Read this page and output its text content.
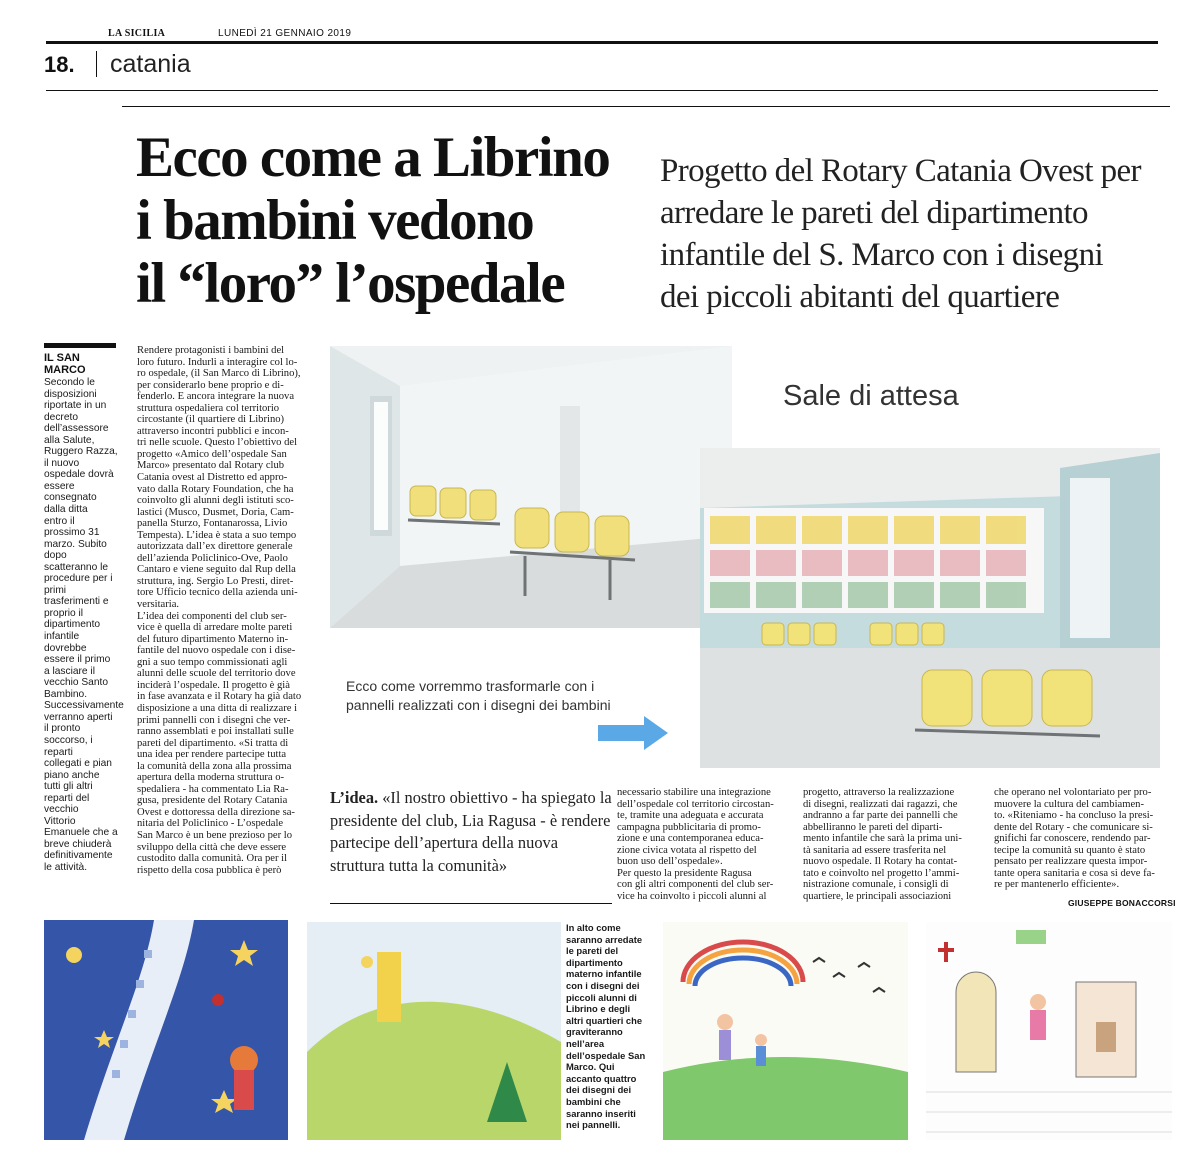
LA SICILIA	LUNEDÌ 21 GENNAIO 2019
18. catania
Ecco come a Librino
i bambini vedono
il “loro” l’ospedale
Progetto del Rotary Catania Ovest per
arredare le pareti del dipartimento
infantile del S. Marco con i disegni
dei piccoli abitanti del quartiere
IL SAN
MARCO
Secondo le
disposizioni
riportate in un
decreto
dell’assessore
alla Salute,
Ruggero Razza,
il nuovo
ospedale dovrà
essere
consegnato
dalla ditta
entro il
prossimo 31
marzo. Subito
dopo
scatteranno le
procedure per i
primi
trasferimenti e
proprio il
dipartimento
infantile
dovrebbe
essere il primo
a lasciare il
vecchio Santo
Bambino.
Successivamente
verranno aperti
il pronto
soccorso, i
reparti
collegati e pian
piano anche
tutti gli altri
reparti del
vecchio
Vittorio
Emanuele che a
breve chiuderà
definitivamente
le attività.
Rendere protagonisti i bambini del
loro futuro. Indurli a interagire col lo-
ro ospedale, (il San Marco di Librino),
per considerarlo bene proprio e di-
fenderlo. E ancora integrare la nuova
struttura ospedaliera col territorio
circostante (il quartiere di Librino)
attraverso incontri pubblici e incon-
tri nelle scuole. Questo l’obiettivo del
progetto «Amico dell’ospedale San
Marco» presentato dal Rotary club
Catania ovest al Distretto ed appro-
vato dalla Rotary Foundation, che ha
coinvolto gli alunni degli istituti sco-
lastici (Musco, Dusmet, Doria, Cam-
panella Sturzo, Fontanarossa, Livio
Tempesta). L’idea è stata a suo tempo
autorizzata dall’ex direttore generale
dell’azienda Policlinico-Ove, Paolo
Cantaro e viene seguito dal Rup della
struttura, ing. Sergio Lo Presti, diret-
tore Ufficio tecnico della azienda uni-
versitaria.
L’idea dei componenti del club ser-
vice è quella di arredare molte pareti
del futuro dipartimento Materno in-
fantile del nuovo ospedale con i dise-
gni a suo tempo commissionati agli
alunni delle scuole del territorio dove
inciderà l’ospedale. Il progetto è già
in fase avanzata e il Rotary ha già dato
disposizione a una ditta di realizzare i
primi pannelli con i disegni che ver-
ranno assemblati e poi installati sulle
pareti del dipartimento. «Si tratta di
una idea per rendere partecipe tutta
la comunità della zona alla prossima
apertura della moderna struttura o-
spedaliera - ha commentato Lia Ra-
gusa, presidente del Rotary Catania
Ovest e dottoressa della direzione sa-
nitaria del Policlinico - L’ospedale
San Marco è un bene prezioso per lo
sviluppo della città che deve essere
custodito dalla comunità. Ora per il
rispetto della cosa pubblica è però
Sale di attesa
Ecco come vorremmo trasformarle con i
pannelli realizzati con i disegni dei bambini
L’idea. «Il nostro obiettivo - ha spiegato la presidente del club, Lia Ragusa - è rendere partecipe dell’apertura della nuova struttura tutta la comunità»
necessario stabilire una integrazione
dell’ospedale col territorio circostan-
te, tramite una adeguata e accurata
campagna pubblicitaria di promo-
zione e una contemporanea educa-
zione civica votata al rispetto del
buon uso dell’ospedale».
Per questo la presidente Ragusa
con gli altri componenti del club ser-
vice ha coinvolto i piccoli alunni al
progetto, attraverso la realizzazione
di disegni, realizzati dai ragazzi, che
andranno a far parte dei pannelli che
abbelliranno le pareti del diparti-
mento infantile che sarà la prima uni-
tà sanitaria ad essere trasferita nel
nuovo ospedale. Il Rotary ha contat-
tato e coinvolto nel progetto l’ammi-
nistrazione comunale, i consigli di
quartiere, le principali associazioni
che operano nel volontariato per pro-
muovere la cultura del cambiamen-
to. «Riteniamo - ha concluso la presi-
dente del Rotary - che comunicare si-
gnifichi far conoscere, rendendo par-
tecipe la comunità su quanto è stato
pensato per realizzare questa impor-
tante opera sanitaria e cosa si deve fa-
re per mantenerlo efficiente».
GIUSEPPE BONACCORSI
In alto come
saranno arredate
le pareti del
dipartimento
materno infantile
con i disegni dei
piccoli alunni di
Librino e degli
altri quartieri che
graviteranno
nell’area
dell’ospedale San
Marco. Qui
accanto quattro
dei disegni dei
bambini che
saranno inseriti
nei pannelli.
